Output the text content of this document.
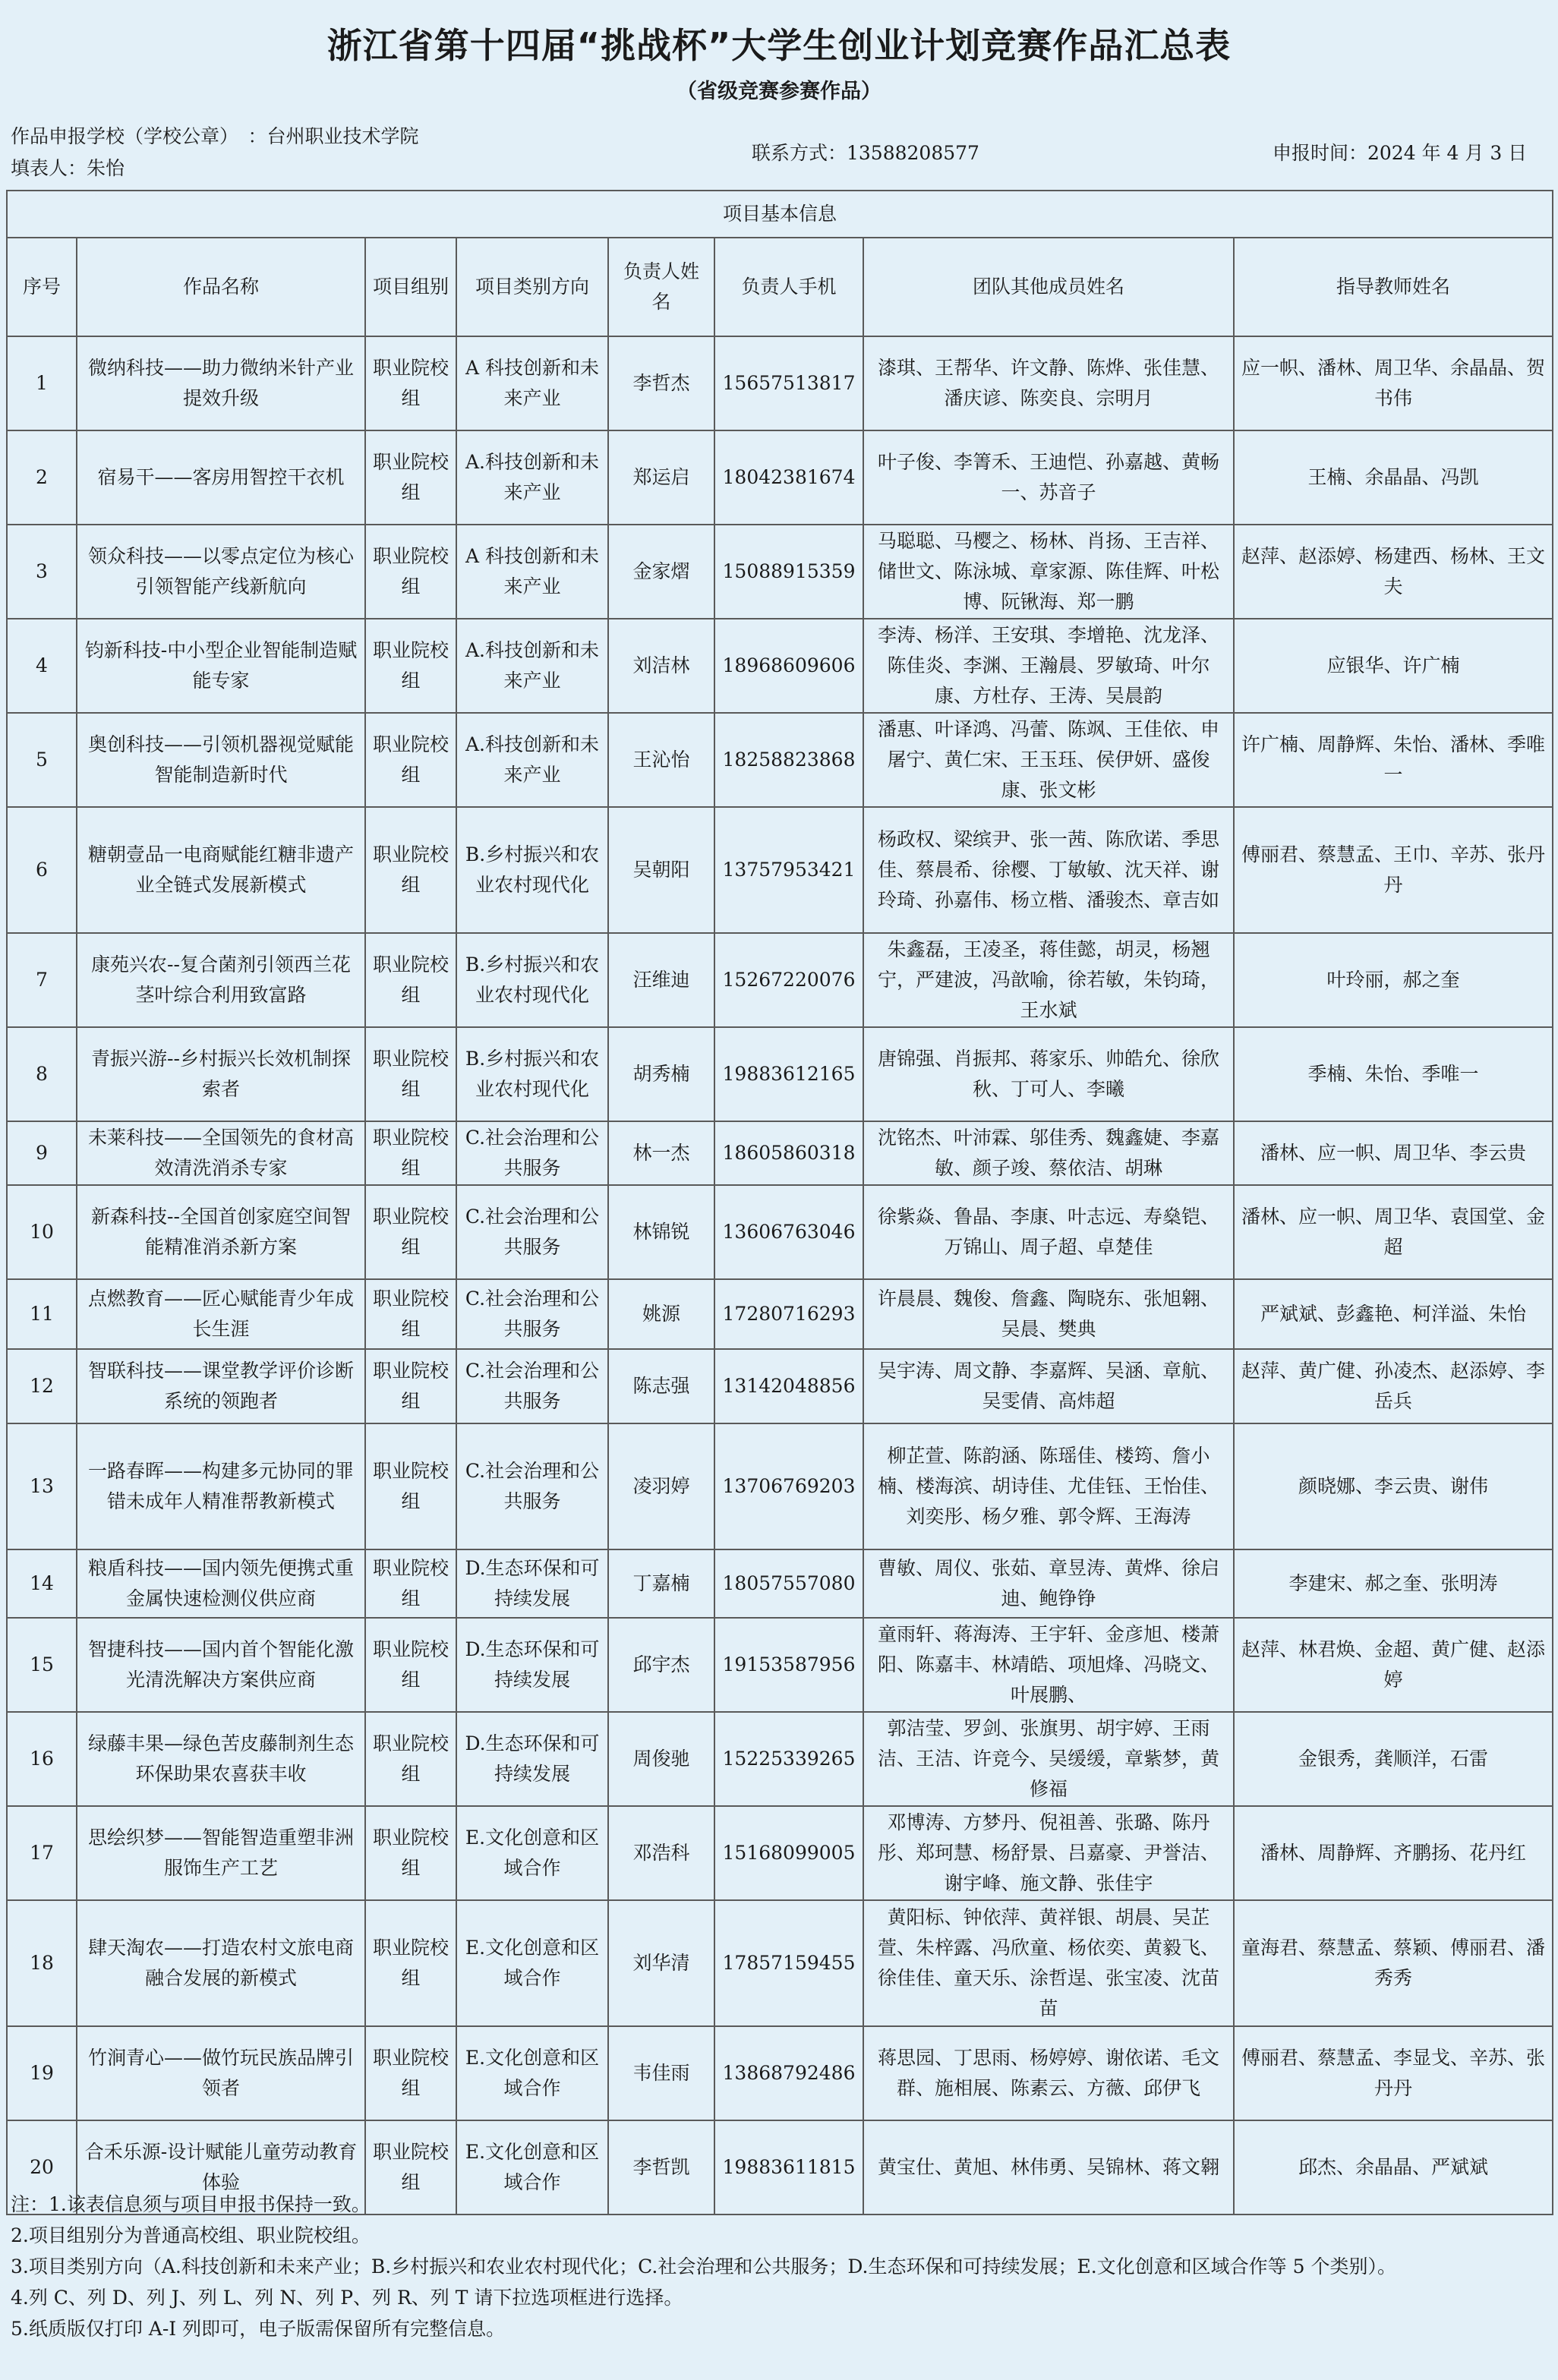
浙江省第十四届“挑战杯”大学生创业计划竞赛作品汇总表
（省级竞赛参赛作品）
作品申报学校（学校公章）　：台州职业技术学院
填表人：朱怡
联系方式：13588208577	申报时间：2024 年 4 月 3 日
项目基本信息							
序号	作品名称	项目组别	项目类别方向	负责人姓名	负责人手机	团队其他成员姓名	指导教师姓名
1	微纳科技——助力微纳米针产业提效升级	职业院校组	A 科技创新和未来产业	李哲杰	15657513817	漆琪、王帮华、许文静、陈烨、张佳慧、潘庆谚、陈奕良、宗明月	应一帜、潘林、周卫华、余晶晶、贺书伟
2	宿易干——客房用智控干衣机	职业院校组	A.科技创新和未来产业	郑运启	18042381674	叶子俊、李箐禾、王迪恺、孙嘉越、黄畅一、苏音子	王楠、余晶晶、冯凯
3	领众科技——以零点定位为核心引领智能产线新航向	职业院校组	A 科技创新和未来产业	金家熠	15088915359	马聪聪、马樱之、杨林、肖扬、王吉祥、储世文、陈泳城、章家源、陈佳辉、叶松博、阮锹海、郑一鹏	赵萍、赵添婷、杨建西、杨林、王文夫
4	钧新科技-中小型企业智能制造赋能专家	职业院校组	A.科技创新和未来产业	刘洁林	18968609606	李涛、杨洋、王安琪、李增艳、沈龙泽、陈佳炎、李渊、王瀚晨、罗敏琦、叶尔康、方杜存、王涛、吴晨韵	应银华、许广楠
5	奥创科技——引领机器视觉赋能智能制造新时代	职业院校组	A.科技创新和未来产业	王沁怡	18258823868	潘惠、叶译鸿、冯蕾、陈飒、王佳依、申屠宁、黄仁宋、王玉珏、侯伊妍、盛俊康、张文彬	许广楠、周静辉、朱怡、潘林、季唯一
6	糖朝壹品一电商赋能红糖非遗产业全链式发展新模式	职业院校组	B.乡村振兴和农业农村现代化	吴朝阳	13757953421	杨政权、梁缤尹、张一茜、陈欣诺、季思佳、蔡晨希、徐樱、丁敏敏、沈天祥、谢玲琦、孙嘉伟、杨立楷、潘骏杰、章吉如	傅丽君、蔡慧孟、王巾、辛苏、张丹丹
7	康苑兴农--复合菌剂引领西兰花茎叶综合利用致富路	职业院校组	B.乡村振兴和农业农村现代化	汪维迪	15267220076	朱鑫磊，王凌圣，蒋佳懿，胡灵，杨翘宁，严建波，冯歆喻，徐若敏，朱钧琦，王水斌	叶玲丽，郝之奎
8	青振兴游--乡村振兴长效机制探索者	职业院校组	B.乡村振兴和农业农村现代化	胡秀楠	19883612165	唐锦强、肖振邦、蒋家乐、帅皓允、徐欣秋、丁可人、李曦	季楠、朱怡、季唯一
9	未莱科技——全国领先的食材高效清洗消杀专家	职业院校组	C.社会治理和公共服务	林一杰	18605860318	沈铭杰、叶沛霖、邬佳秀、魏鑫婕、李嘉敏、颜子竣、蔡依洁、胡琳	潘林、应一帜、周卫华、李云贵
10	新森科技--全国首创家庭空间智能精准消杀新方案	职业院校组	C.社会治理和公共服务	林锦锐	13606763046	徐紫焱、鲁晶、李康、叶志远、寿燊铠、万锦山、周子超、卓楚佳	潘林、应一帜、周卫华、袁国堂、金超
11	点燃教育——匠心赋能青少年成长生涯	职业院校组	C.社会治理和公共服务	姚源	17280716293	许晨晨、魏俊、詹鑫、陶晓东、张旭翱、吴晨、樊典	严斌斌、彭鑫艳、柯洋溢、朱怡
12	智联科技——课堂教学评价诊断系统的领跑者	职业院校组	C.社会治理和公共服务	陈志强	13142048856	吴宇涛、周文静、李嘉辉、吴涵、章航、吴雯倩、高炜超	赵萍、黄广健、孙凌杰、赵添婷、李岳兵
13	一路春晖——构建多元协同的罪错未成年人精准帮教新模式	职业院校组	C.社会治理和公共服务	凌羽婷	13706769203	柳芷萱、陈韵涵、陈瑶佳、楼筠、詹小楠、楼海滨、胡诗佳、尤佳钰、王怡佳、刘奕彤、杨夕雅、郭令辉、王海涛	颜晓娜、李云贵、谢伟
14	粮盾科技——国内领先便携式重金属快速检测仪供应商	职业院校组	D.生态环保和可持续发展	丁嘉楠	18057557080	曹敏、周仪、张茹、章昱涛、黄烨、徐启迪、鲍铮铮	李建宋、郝之奎、张明涛
15	智捷科技——国内首个智能化激光清洗解决方案供应商	职业院校组	D.生态环保和可持续发展	邱宇杰	19153587956	童雨轩、蒋海涛、王宇轩、金彦旭、楼萧阳、陈嘉丰、林靖皓、项旭烽、冯晓文、叶展鹏、	赵萍、林君焕、金超、黄广健、赵添婷
16	绿藤丰果—绿色苦皮藤制剂生态环保助果农喜获丰收	职业院校组	D.生态环保和可持续发展	周俊驰	15225339265	郭洁莹、罗剑、张旗男、胡宇婷、王雨洁、王洁、许竞今、吴缓缓，章紫梦，黄修福	金银秀，龚顺洋，石雷
17	思绘织梦——智能智造重塑非洲服饰生产工艺	职业院校组	E.文化创意和区域合作	邓浩科	15168099005	邓博涛、方梦丹、倪祖善、张璐、陈丹彤、郑珂慧、杨舒景、吕嘉豪、尹誉洁、谢宇峰、施文静、张佳宇	潘林、周静辉、齐鹏扬、花丹红
18	肆天淘农——打造农村文旅电商融合发展的新模式	职业院校组	E.文化创意和区域合作	刘华清	17857159455	黄阳标、钟依萍、黄祥银、胡晨、吴芷萱、朱梓露、冯欣童、杨依奕、黄毅飞、徐佳佳、童天乐、涂哲逞、张宝凌、沈苗苗	童海君、蔡慧孟、蔡颖、傅丽君、潘秀秀
19	竹涧青心——做竹玩民族品牌引领者	职业院校组	E.文化创意和区域合作	韦佳雨	13868792486	蒋思园、丁思雨、杨婷婷、谢依诺、毛文群、施相展、陈素云、方薇、邱伊飞	傅丽君、蔡慧孟、李显戈、辛苏、张丹丹
20	合禾乐源-设计赋能儿童劳动教育体验	职业院校组	E.文化创意和区域合作	李哲凯	19883611815	黄宝仕、黄旭、林伟勇、吴锦林、蒋文翱	邱杰、余晶晶、严斌斌
注：1.该表信息须与项目申报书保持一致。
2.项目组别分为普通高校组、职业院校组。
3.项目类别方向（A.科技创新和未来产业；B.乡村振兴和农业农村现代化；C.社会治理和公共服务；D.生态环保和可持续发展；E.文化创意和区域合作等 5 个类别）。
4.列 C、列 D、列 J、列 L、列 N、列 P、列 R、列 T 请下拉选项框进行选择。
5.纸质版仅打印 A-I 列即可，电子版需保留所有完整信息。
